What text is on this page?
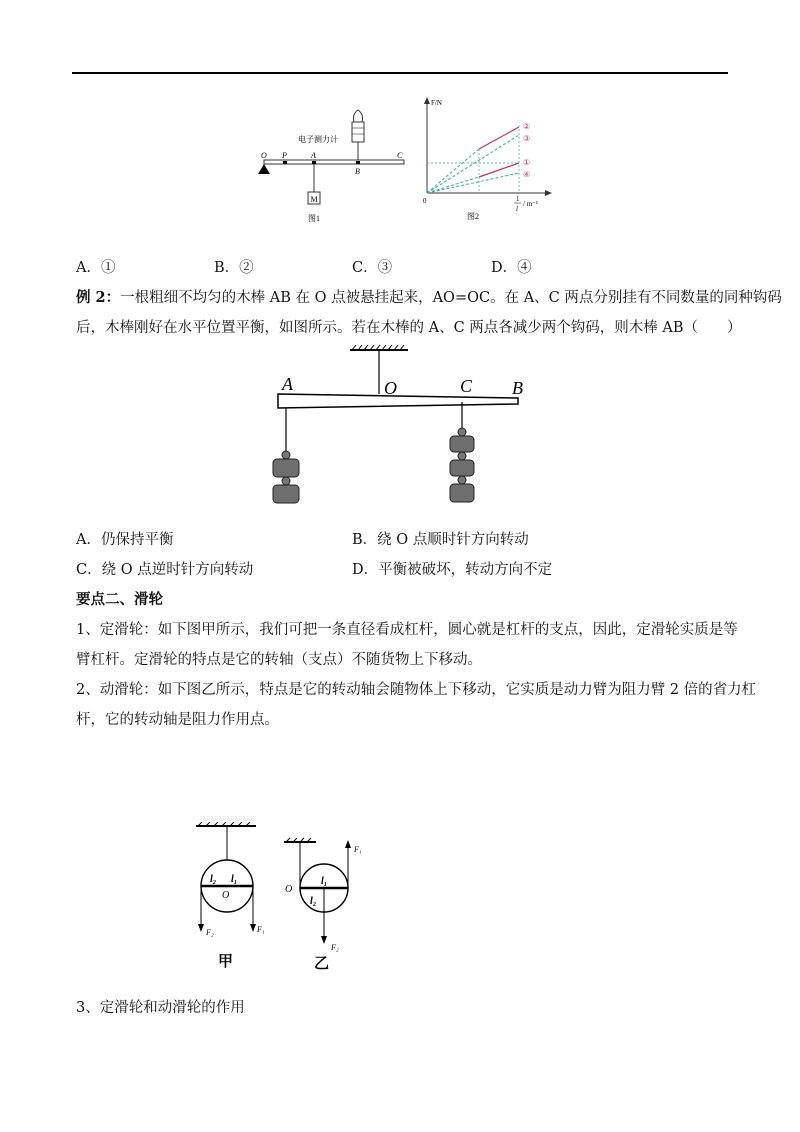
M
电子测力计
O P	A
B
C
图1
F/N
②
③
①
④
0	1
l
/ m⁻¹
图2
A．①	B．②	C．③	D．④
例 2：一根粗细不均匀的木棒 AB 在 O 点被悬挂起来，AO=OC。在 A、C 两点分别挂有不同数量的同种钩码
后，木棒刚好在水平位置平衡，如图所示。若在木棒的 A、C 两点各减少两个钩码，则木棒 AB（　　）
A	O	C B
A．仍保持平衡	B．绕 O 点顺时针方向转动
C．绕 O 点逆时针方向转动	D．平衡被破坏，转动方向不定
要点二、滑轮
1、定滑轮：如下图甲所示，我们可把一条直径看成杠杆，圆心就是杠杆的支点，因此，定滑轮实质是等
臂杠杆。定滑轮的特点是它的转轴（支点）不随货物上下移动。
2、动滑轮：如下图乙所示，特点是它的转动轴会随物体上下移动，它实质是动力臂为阻力臂 2 倍的省力杠
杆，它的转动轴是阻力作用点。
l₂ l₁
O
F₂	F₁
甲
F₁
O
l₁
l₂
F₂
乙
3、定滑轮和动滑轮的作用
